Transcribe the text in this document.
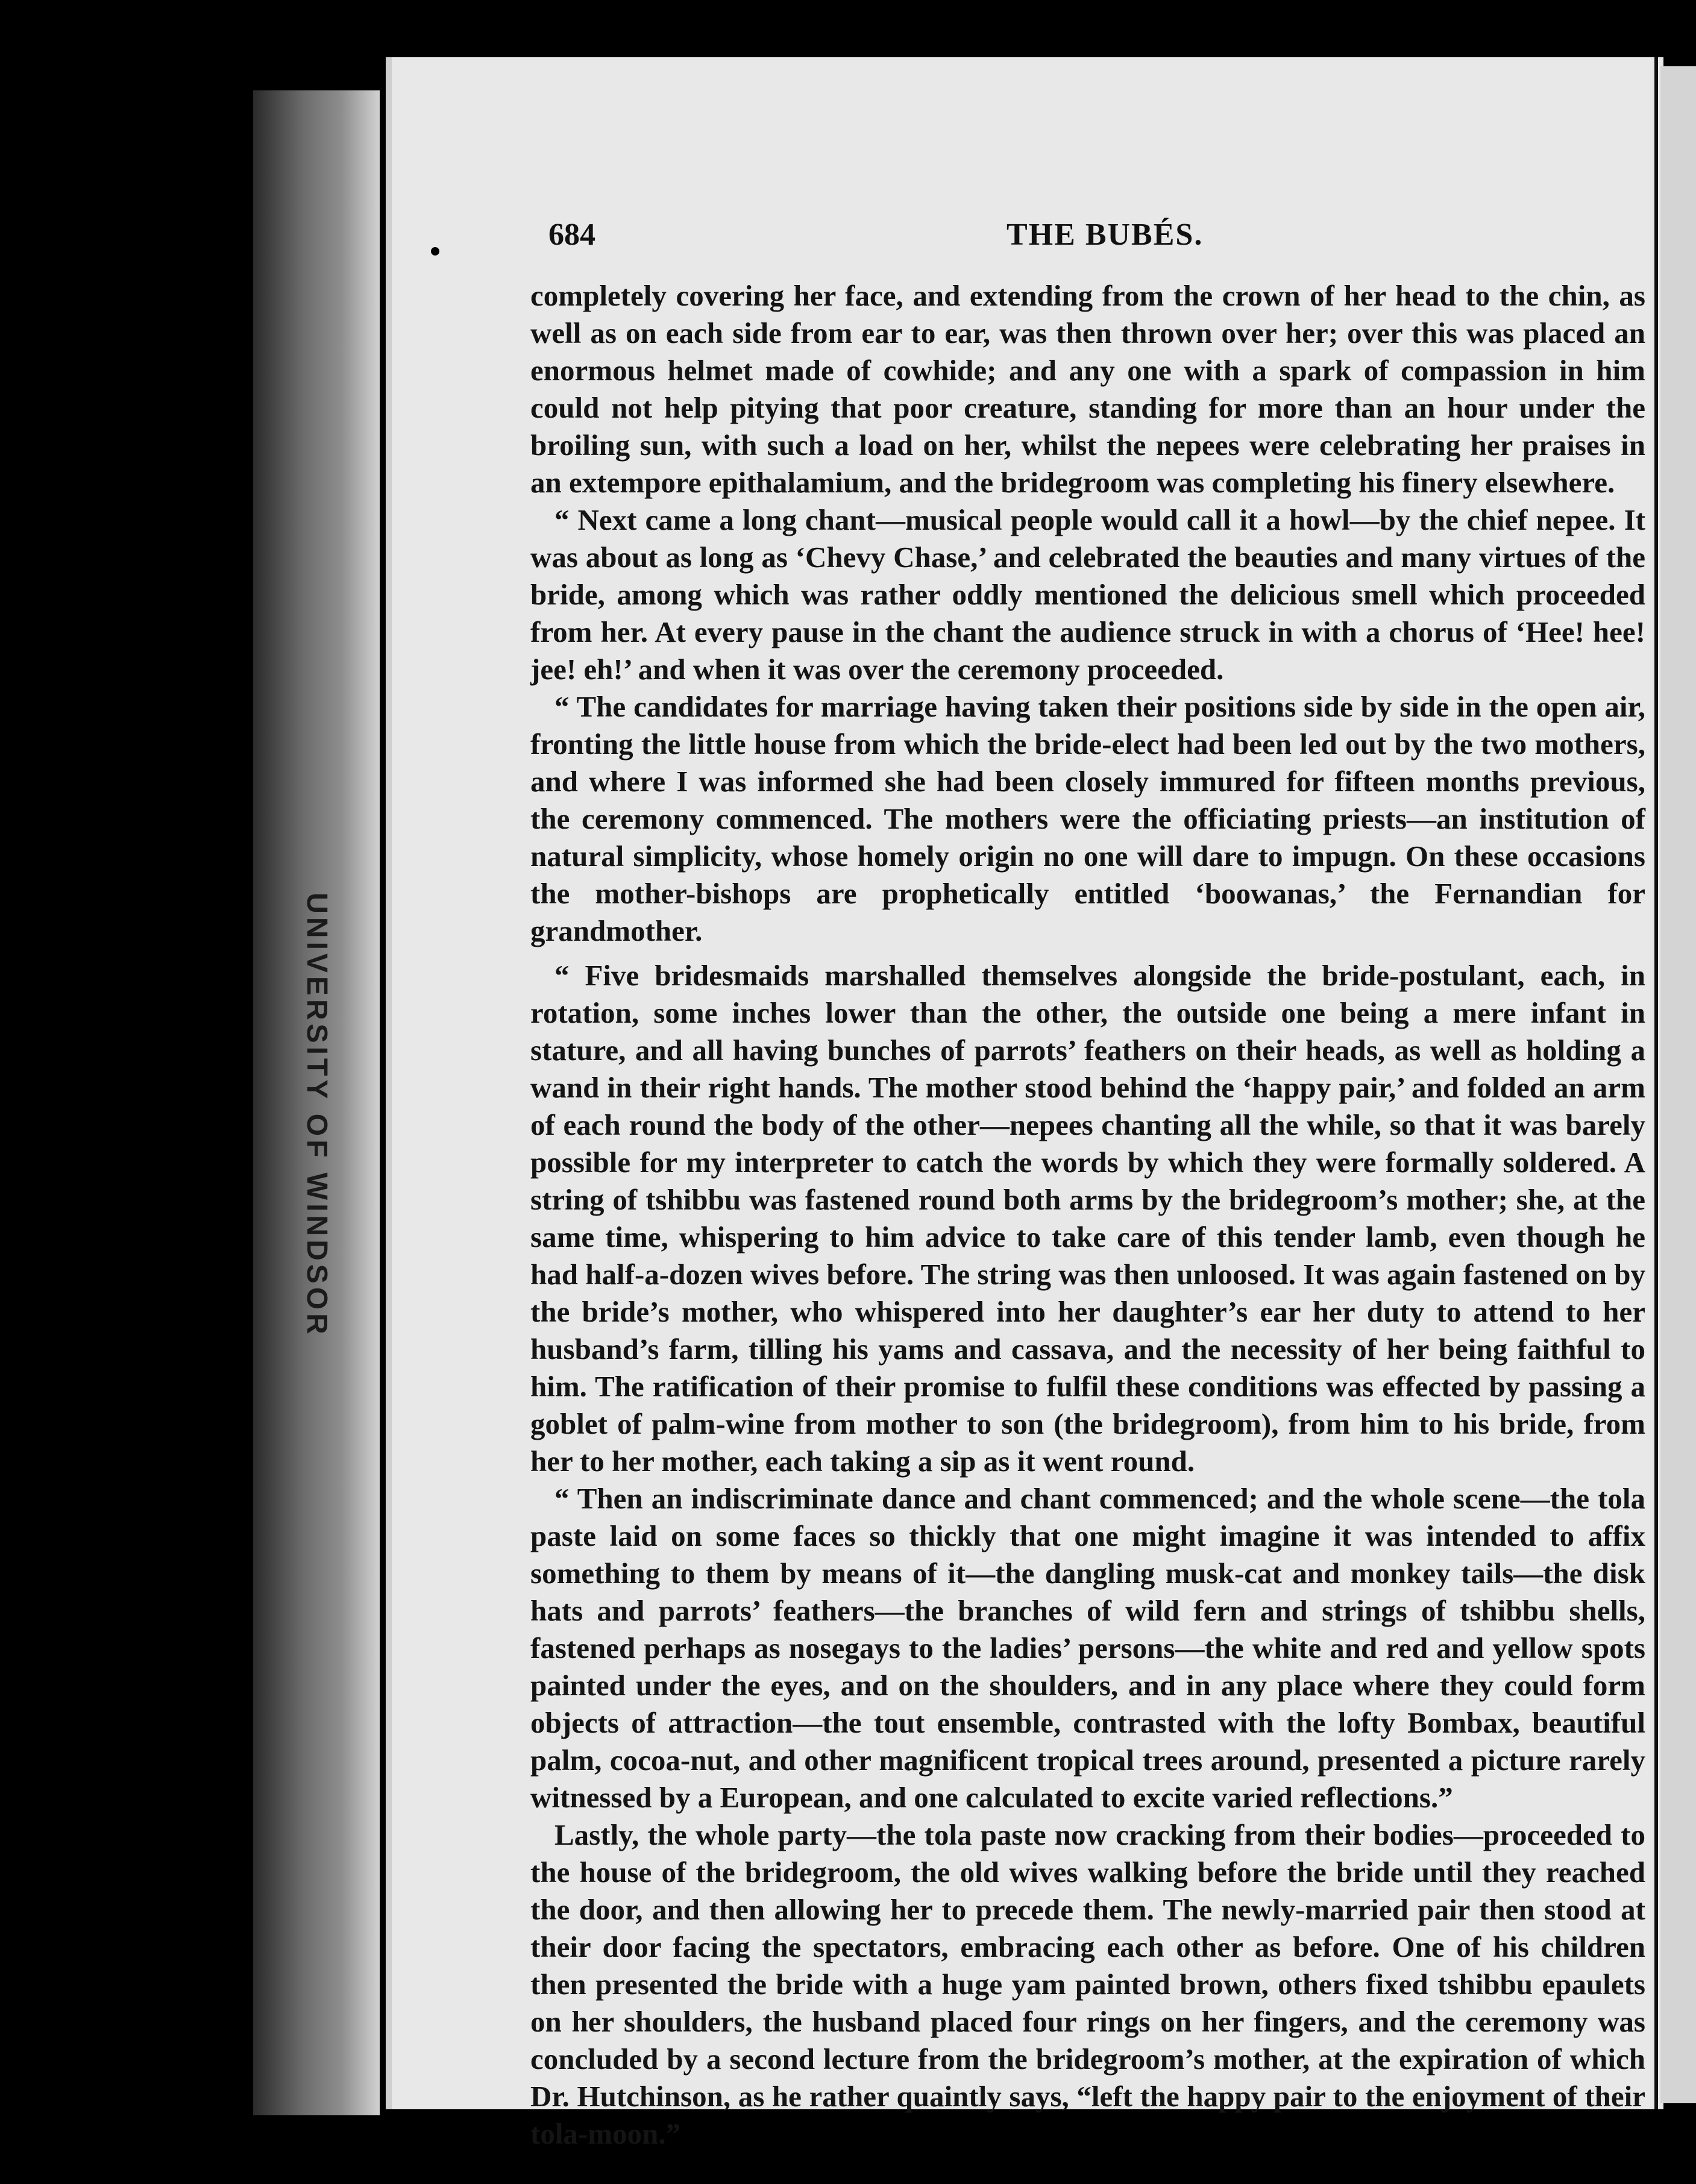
UNIVERSITY OF WINDSOR
684	THE BUBÉS.

completely covering her face, and extending from the crown of her head to the chin, as well as on each side from ear to ear, was then thrown over her; over this was placed an enormous helmet made of cowhide; and any one with a spark of compassion in him could not help pitying that poor creature, standing for more than an hour under the broiling sun, with such a load on her, whilst the nepees were celebrating her praises in an extempore epithalamium, and the bridegroom was completing his finery elsewhere.

“ Next came a long chant—musical people would call it a howl—by the chief nepee. It was about as long as ‘Chevy Chase,’ and celebrated the beauties and many virtues of the bride, among which was rather oddly mentioned the delicious smell which proceeded from her. At every pause in the chant the audience struck in with a chorus of ‘Hee! hee! jee! eh!’ and when it was over the ceremony proceeded.

“ The candidates for marriage having taken their positions side by side in the open air, fronting the little house from which the bride-elect had been led out by the two mothers, and where I was informed she had been closely immured for fifteen months previous, the ceremony commenced. The mothers were the officiating priests—an institution of natural simplicity, whose homely origin no one will dare to impugn. On these occasions the mother-bishops are prophetically entitled ‘boowanas,’ the Fernandian for grandmother.

“ Five bridesmaids marshalled themselves alongside the bride-postulant, each, in rotation, some inches lower than the other, the outside one being a mere infant in stature, and all having bunches of parrots’ feathers on their heads, as well as holding a wand in their right hands. The mother stood behind the ‘happy pair,’ and folded an arm of each round the body of the other—nepees chanting all the while, so that it was barely possible for my interpreter to catch the words by which they were formally soldered. A string of tshibbu was fastened round both arms by the bridegroom’s mother; she, at the same time, whispering to him advice to take care of this tender lamb, even though he had half-a-dozen wives before. The string was then unloosed. It was again fastened on by the bride’s mother, who whispered into her daughter’s ear her duty to attend to her husband’s farm, tilling his yams and cassava, and the necessity of her being faithful to him. The ratification of their promise to fulfil these conditions was effected by passing a goblet of palm-wine from mother to son (the bridegroom), from him to his bride, from her to her mother, each taking a sip as it went round.

“ Then an indiscriminate dance and chant commenced; and the whole scene—the tola paste laid on some faces so thickly that one might imagine it was intended to affix something to them by means of it—the dangling musk-cat and monkey tails—the disk hats and parrots’ feathers—the branches of wild fern and strings of tshibbu shells, fastened perhaps as nosegays to the ladies’ persons—the white and red and yellow spots painted under the eyes, and on the shoulders, and in any place where they could form objects of attraction—the tout ensemble, contrasted with the lofty Bombax, beautiful palm, cocoa-nut, and other magnificent tropical trees around, presented a picture rarely witnessed by a European, and one calculated to excite varied reflections.”

Lastly, the whole party—the tola paste now cracking from their bodies—proceeded to the house of the bridegroom, the old wives walking before the bride until they reached the door, and then allowing her to precede them. The newly-married pair then stood at their door facing the spectators, embracing each other as before. One of his children then presented the bride with a huge yam painted brown, others fixed tshibbu epaulets on her shoulders, the husband placed four rings on her fingers, and the ceremony was concluded by a second lecture from the bridegroom’s mother, at the expiration of which Dr. Hutchinson, as he rather quaintly says, “left the happy pair to the enjoyment of their tola-moon.”
